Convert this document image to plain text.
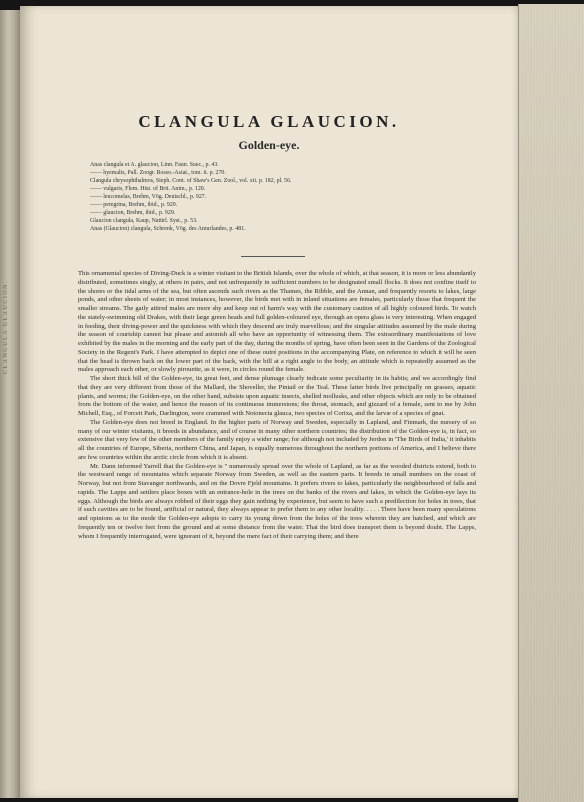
CLANGULA GLAUCION.
CLANGULA GLAUCION.
Golden-eye.
Anas clangula et A. glaucion, Linn. Faun. Suec., p. 43.
—— hyemalis, Pall. Zoogr. Rosso.-Asiat., tom. ii. p. 270.
Clangula chrysophthalmos, Steph. Cont. of Shaw's Gen. Zool., vol. xii. p. 182, pl. 56.
—— vulgaris, Flem. Hist. of Brit. Anim., p. 120.
—— leucomelas, Brehm, Vög. Deutschl., p. 927.
—— peregrina, Brehm, ibid., p. 929.
—— glaucion, Brehm, ibid., p. 929.
Glaucion clangula, Kaup, Natürl. Syst., p. 53.
Anas (Glaucion) clangula, Schrenk, Vög. des Amurlandes, p. 481.

This ornamental species of Diving-Duck is a winter visitant to the British Islands, over the whole of which, at that season, it is more or less abundantly distributed, sometimes singly, at others in pairs, and not unfrequently in sufficient numbers to be designated small flocks. It does not confine itself to the shores or the tidal arms of the sea, but often ascends such rivers as the Thames, the Ribble, and the Annan, and frequently resorts to lakes, large ponds, and other sheets of water; in most instances, however, the birds met with in inland situations are females, particularly those that frequent the smaller streams. The gaily attired males are more shy and keep out of harm's way with the customary caution of all highly coloured birds. To watch the stately-swimming old Drakes, with their large green heads and full golden-coloured eye, through an opera glass is very interesting. When engaged in feeding, their diving-power and the quickness with which they descend are truly marvellous; and the singular attitudes assumed by the male during the season of courtship cannot but please and astonish all who have an opportunity of witnessing them. The extraordinary manifestations of love exhibited by the males in the morning and the early part of the day, during the months of spring, have often been seen in the Gardens of the Zoological Society in the Regent's Park. I have attempted to depict one of these outré positions in the accompanying Plate, on reference to which it will be seen that the head is thrown back on the lower part of the back, with the bill at a right angle to the body, an attitude which is repeatedly assumed as the males approach each other, or slowly pirouette, as it were, in circles round the female.

The short thick bill of the Golden-eye, its great feet, and dense plumage clearly indicate some peculiarity in its habits; and we accordingly find that they are very different from those of the Mallard, the Shoveller, the Pintail or the Teal. These latter birds live principally on grasses, aquatic plants, and worms; the Golden-eye, on the other hand, subsists upon aquatic insects, shelled mollusks, and other objects which are only to be obtained from the bottom of the water, and hence the reason of its continuous immersions; the throat, stomach, and gizzard of a female, sent to me by John Michell, Esq., of Forcett Park, Darlington, were crammed with Notonecta glauca, two species of Corixa, and the larvæ of a species of gnat.

The Golden-eye does not breed in England. In the higher parts of Norway and Sweden, especially in Lapland, and Finmark, the nursery of so many of our winter visitants, it breeds in abundance, and of course in many other northern countries; the distribution of the Golden-eye is, in fact, so extensive that very few of the other members of the family enjoy a wider range; for although not included by Jerdon in 'The Birds of India,' it inhabits all the countries of Europe, Siberia, northern China, and Japan, is equally numerous throughout the northern portions of America, and I believe there are few countries within the arctic circle from which it is absent.

Mr. Dann informed Yarrell that the Golden-eye is " numerously spread over the whole of Lapland, as far as the wooded districts extend, both to the westward range of mountains which separate Norway from Sweden, as well as the eastern parts. It breeds in small numbers on the coast of Norway, but not from Stavanger northwards, and on the Dovre Fjeld mountains. It prefers rivers to lakes, particularly the neighbourhood of falls and rapids. The Lapps and settlers place boxes with an entrance-hole in the trees on the banks of the rivers and lakes, in which the Golden-eye lays its eggs. Although the birds are always robbed of their eggs they gain nothing by experience, but seem to have such a predilection for holes in trees, that if such cavities are to be found, artificial or natural, they always appear to prefer them to any other locality. . . . . There have been many speculations and opinions as to the mode the Golden-eye adopts to carry its young down from the holes of the trees wherein they are hatched, and which are frequently ten or twelve feet from the ground and at some distance from the water. That the bird does transport them is beyond doubt. The Lapps, whom I frequently interrogated, were ignorant of it, beyond the mere fact of their carrying them; and there
